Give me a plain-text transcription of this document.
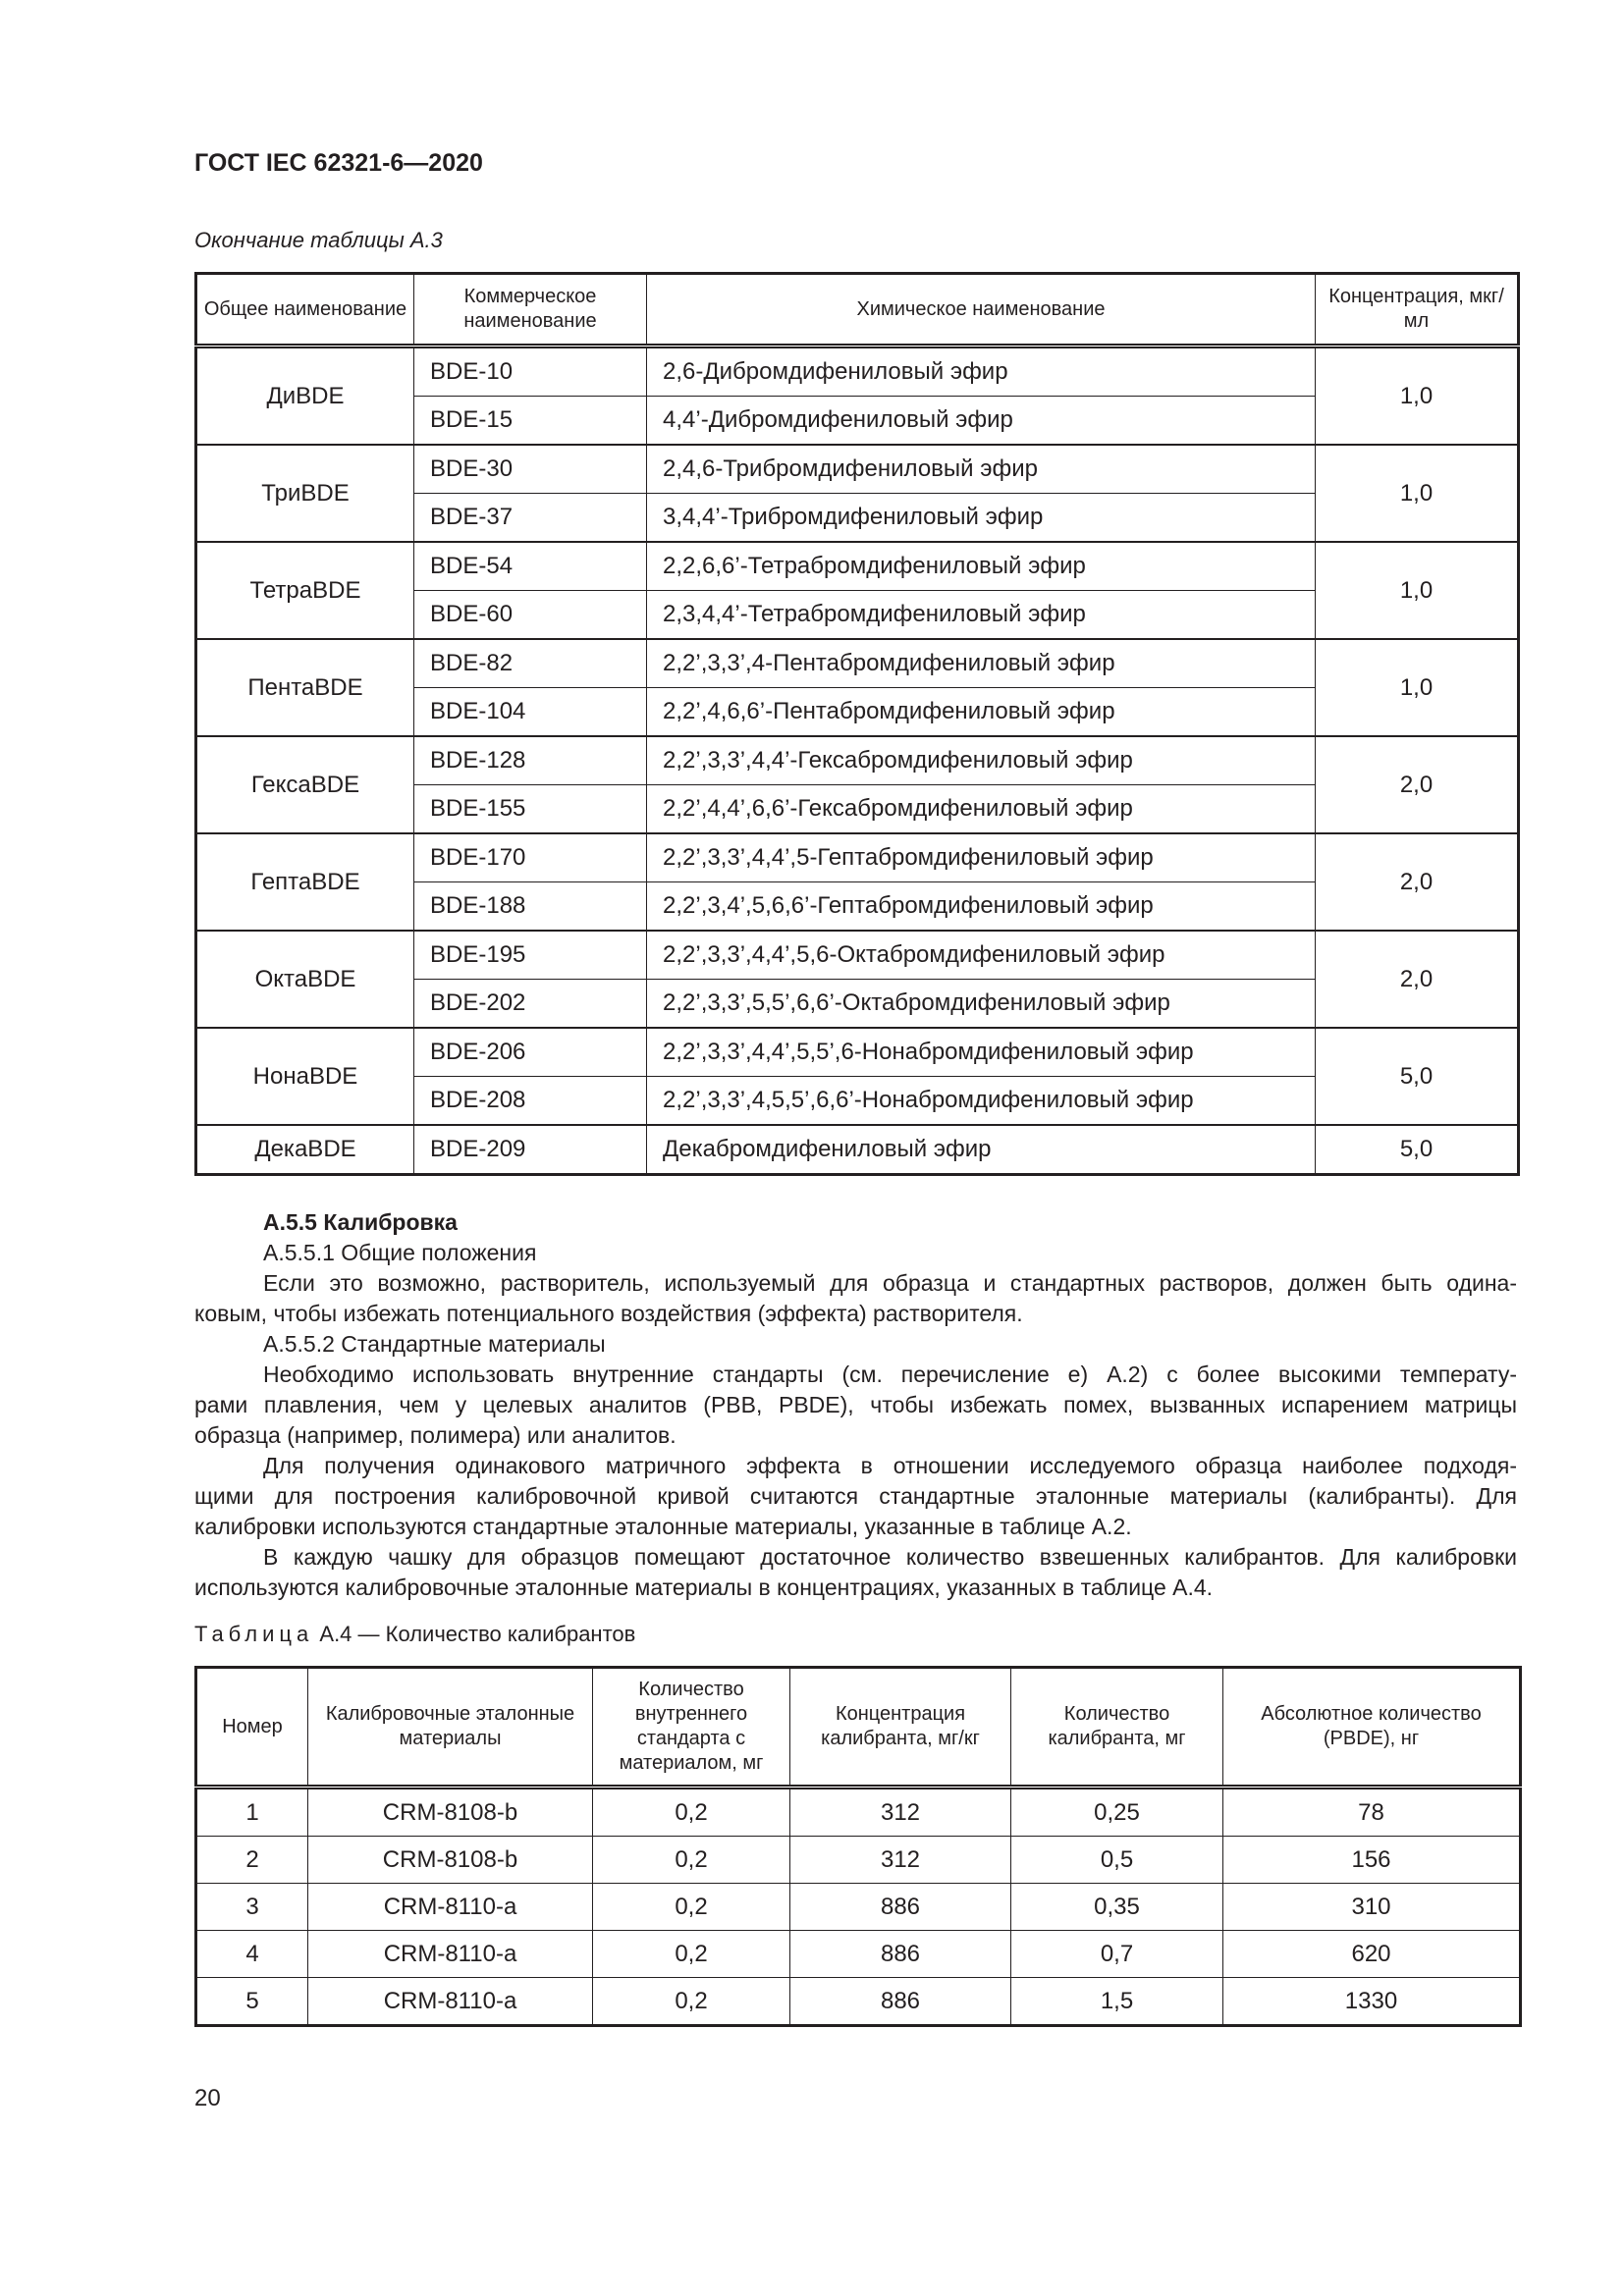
ГОСТ IEC 62321-6—2020
Окончание таблицы А.3
Общее наименование	Коммерческое наименование	Химическое наименование	Концентрация, мкг/мл
ДиBDE	BDE-10	2,6-Дибромдифениловый эфир	1,0
	BDE-15	4,4’-Дибромдифениловый эфир	
ТриBDE	BDE-30	2,4,6-Трибромдифениловый эфир	1,0
	BDE-37	3,4,4’-Трибромдифениловый эфир	
ТетраBDE	BDE-54	2,2,6,6’-Тетрабромдифениловый эфир	1,0
	BDE-60	2,3,4,4’-Тетрабромдифениловый эфир	
ПентаBDE	BDE-82	2,2’,3,3’,4-Пентабромдифениловый эфир	1,0
	BDE-104	2,2’,4,6,6’-Пентабромдифениловый эфир	
ГексаBDE	BDE-128	2,2’,3,3’,4,4’-Гексабромдифениловый эфир	2,0
	BDE-155	2,2’,4,4’,6,6’-Гексабромдифениловый эфир	
ГептаBDE	BDE-170	2,2’,3,3’,4,4’,5-Гептабромдифениловый эфир	2,0
	BDE-188	2,2’,3,4’,5,6,6’-Гептабромдифениловый эфир	
ОктаBDE	BDE-195	2,2’,3,3’,4,4’,5,6-Октабромдифениловый эфир	2,0
	BDE-202	2,2’,3,3’,5,5’,6,6’-Октабромдифениловый эфир	
НонаBDE	BDE-206	2,2’,3,3’,4,4’,5,5’,6-Нонабромдифениловый эфир	5,0
	BDE-208	2,2’,3,3’,4,5,5’,6,6’-Нонабромдифениловый эфир	
ДекаBDE	BDE-209	Декабромдифениловый эфир	5,0
А.5.5 Калибровка
А.5.5.1 Общие положения
Если это возможно, растворитель, используемый для образца и стандартных растворов, должен быть одина-
ковым, чтобы избежать потенциального воздействия (эффекта) растворителя.
А.5.5.2 Стандартные материалы
Необходимо использовать внутренние стандарты (см. перечисление е) А.2) с более высокими температу-
рами плавления, чем у целевых аналитов (PBB, PBDE), чтобы избежать помех, вызванных испарением матрицы
образца (например, полимера) или аналитов.
Для получения одинакового матричного эффекта в отношении исследуемого образца наиболее подходя-
щими для построения калибровочной кривой считаются стандартные эталонные материалы (калибранты). Для
калибровки используются стандартные эталонные материалы, указанные в таблице А.2.
В каждую чашку для образцов помещают достаточное количество взвешенных калибрантов. Для калибровки
используются калибровочные эталонные материалы в концентрациях, указанных в таблице А.4.
Таблица А.4 — Количество калибрантов
Номер	Калибровочные эталонные материалы	Количество внутреннего стандарта с материалом, мг	Концентрация калибранта, мг/кг	Количество калибранта, мг	Абсолютное количество (PBDE), нг
1	CRM-8108-b	0,2	312	0,25	78
2	CRM-8108-b	0,2	312	0,5	156
3	CRM-8110-a	0,2	886	0,35	310
4	CRM-8110-a	0,2	886	0,7	620
5	CRM-8110-a	0,2	886	1,5	1330
20
